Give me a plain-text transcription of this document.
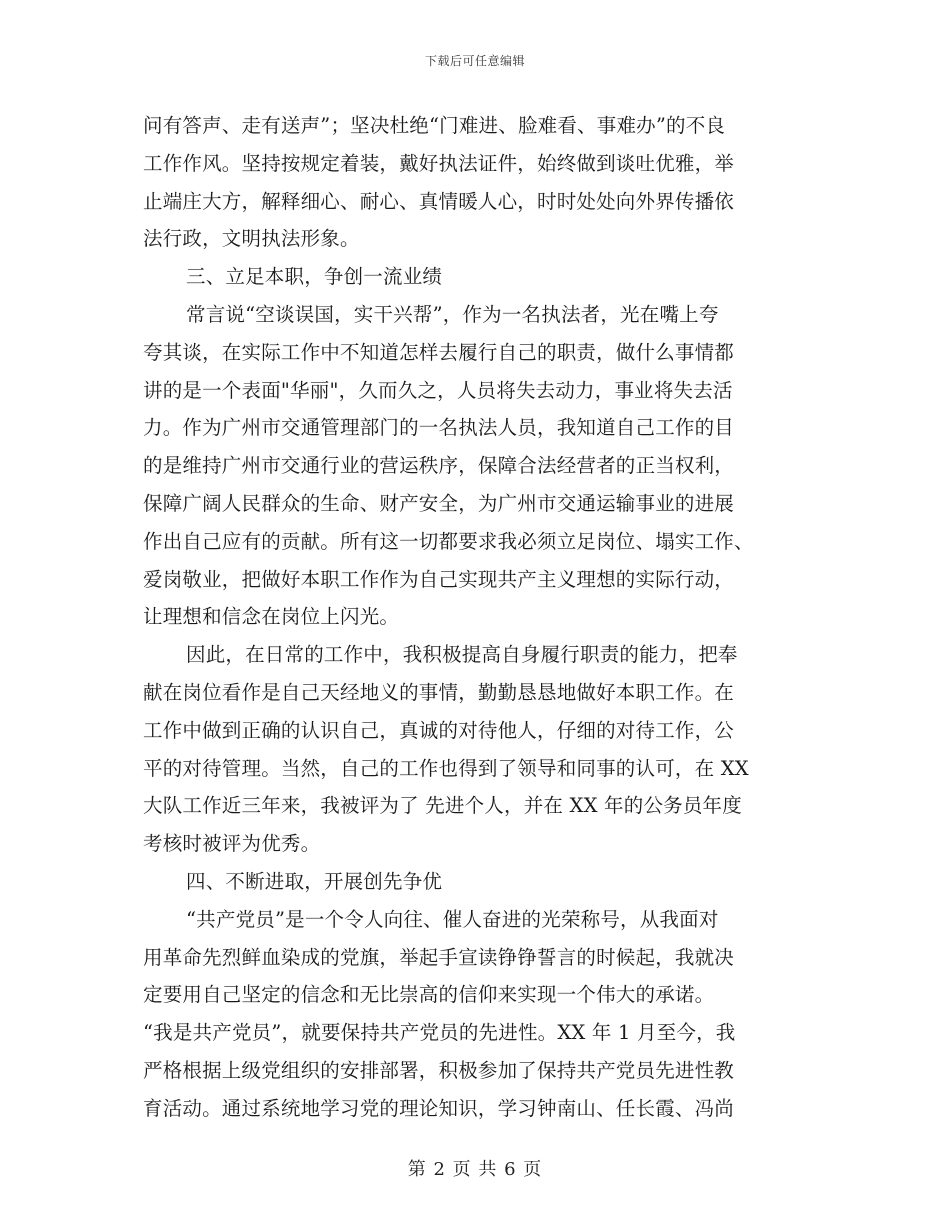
下载后可任意编辑
问有答声、走有送声”；坚决杜绝“门难进、脸难看、事难办”的不良
工作作风。坚持按规定着装，戴好执法证件，始终做到谈吐优雅，举
止端庄大方，解释细心、耐心、真情暖人心，时时处处向外界传播依
法行政，文明执法形象。
三、立足本职，争创一流业绩
常言说“空谈误国，实干兴帮”，作为一名执法者，光在嘴上夸
夸其谈，在实际工作中不知道怎样去履行自己的职责，做什么事情都
讲的是一个表面"华丽"，久而久之，人员将失去动力，事业将失去活
力。作为广州市交通管理部门的一名执法人员，我知道自己工作的目
的是维持广州市交通行业的营运秩序，保障合法经营者的正当权利，
保障广阔人民群众的生命、财产安全，为广州市交通运输事业的进展
作出自己应有的贡献。所有这一切都要求我必须立足岗位、塌实工作、
爱岗敬业，把做好本职工作作为自己实现共产主义理想的实际行动，
让理想和信念在岗位上闪光。
因此，在日常的工作中，我积极提高自身履行职责的能力，把奉
献在岗位看作是自己天经地义的事情，勤勤恳恳地做好本职工作。在
工作中做到正确的认识自己，真诚的对待他人，仔细的对待工作，公
平的对待管理。当然，自己的工作也得到了领导和同事的认可，在 XX
大队工作近三年来，我被评为了 先进个人，并在 XX 年的公务员年度
考核时被评为优秀。
四、不断进取，开展创先争优
“共产党员”是一个令人向往、催人奋进的光荣称号，从我面对
用革命先烈鲜血染成的党旗，举起手宣读铮铮誓言的时候起，我就决
定要用自己坚定的信念和无比崇高的信仰来实现一个伟大的承诺。
“我是共产党员”，就要保持共产党员的先进性。XX 年 1 月至今，我
严格根据上级党组织的安排部署，积极参加了保持共产党员先进性教
育活动。通过系统地学习党的理论知识，学习钟南山、任长霞、冯尚
第 2 页 共 6 页
